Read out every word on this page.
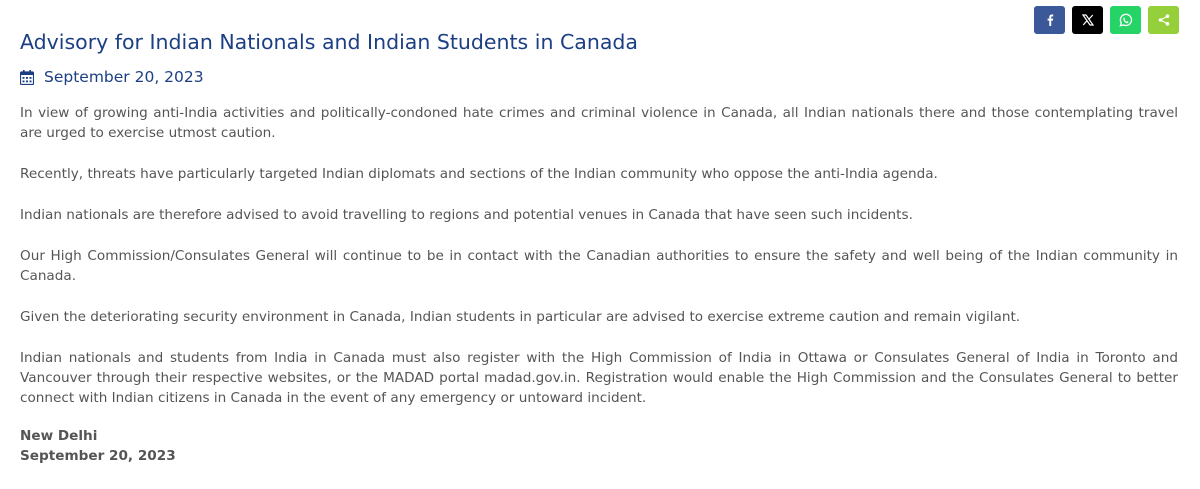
Advisory for Indian Nationals and Indian Students in Canada
September 20, 2023

In view of growing anti-India activities and politically-condoned hate crimes and criminal violence in Canada, all Indian nationals there and those contemplating travel are urged to exercise utmost caution.

Recently, threats have particularly targeted Indian diplomats and sections of the Indian community who oppose the anti-India agenda.

Indian nationals are therefore advised to avoid travelling to regions and potential venues in Canada that have seen such incidents.

Our High Commission/Consulates General will continue to be in contact with the Canadian authorities to ensure the safety and well being of the Indian community in Canada.

Given the deteriorating security environment in Canada, Indian students in particular are advised to exercise extreme caution and remain vigilant.

Indian nationals and students from India in Canada must also register with the High Commission of India in Ottawa or Consulates General of India in Toronto and Vancouver through their respective websites, or the MADAD portal madad.gov.in. Registration would enable the High Commission and the Consulates General to better connect with Indian citizens in Canada in the event of any emergency or untoward incident.

New Delhi
September 20, 2023
